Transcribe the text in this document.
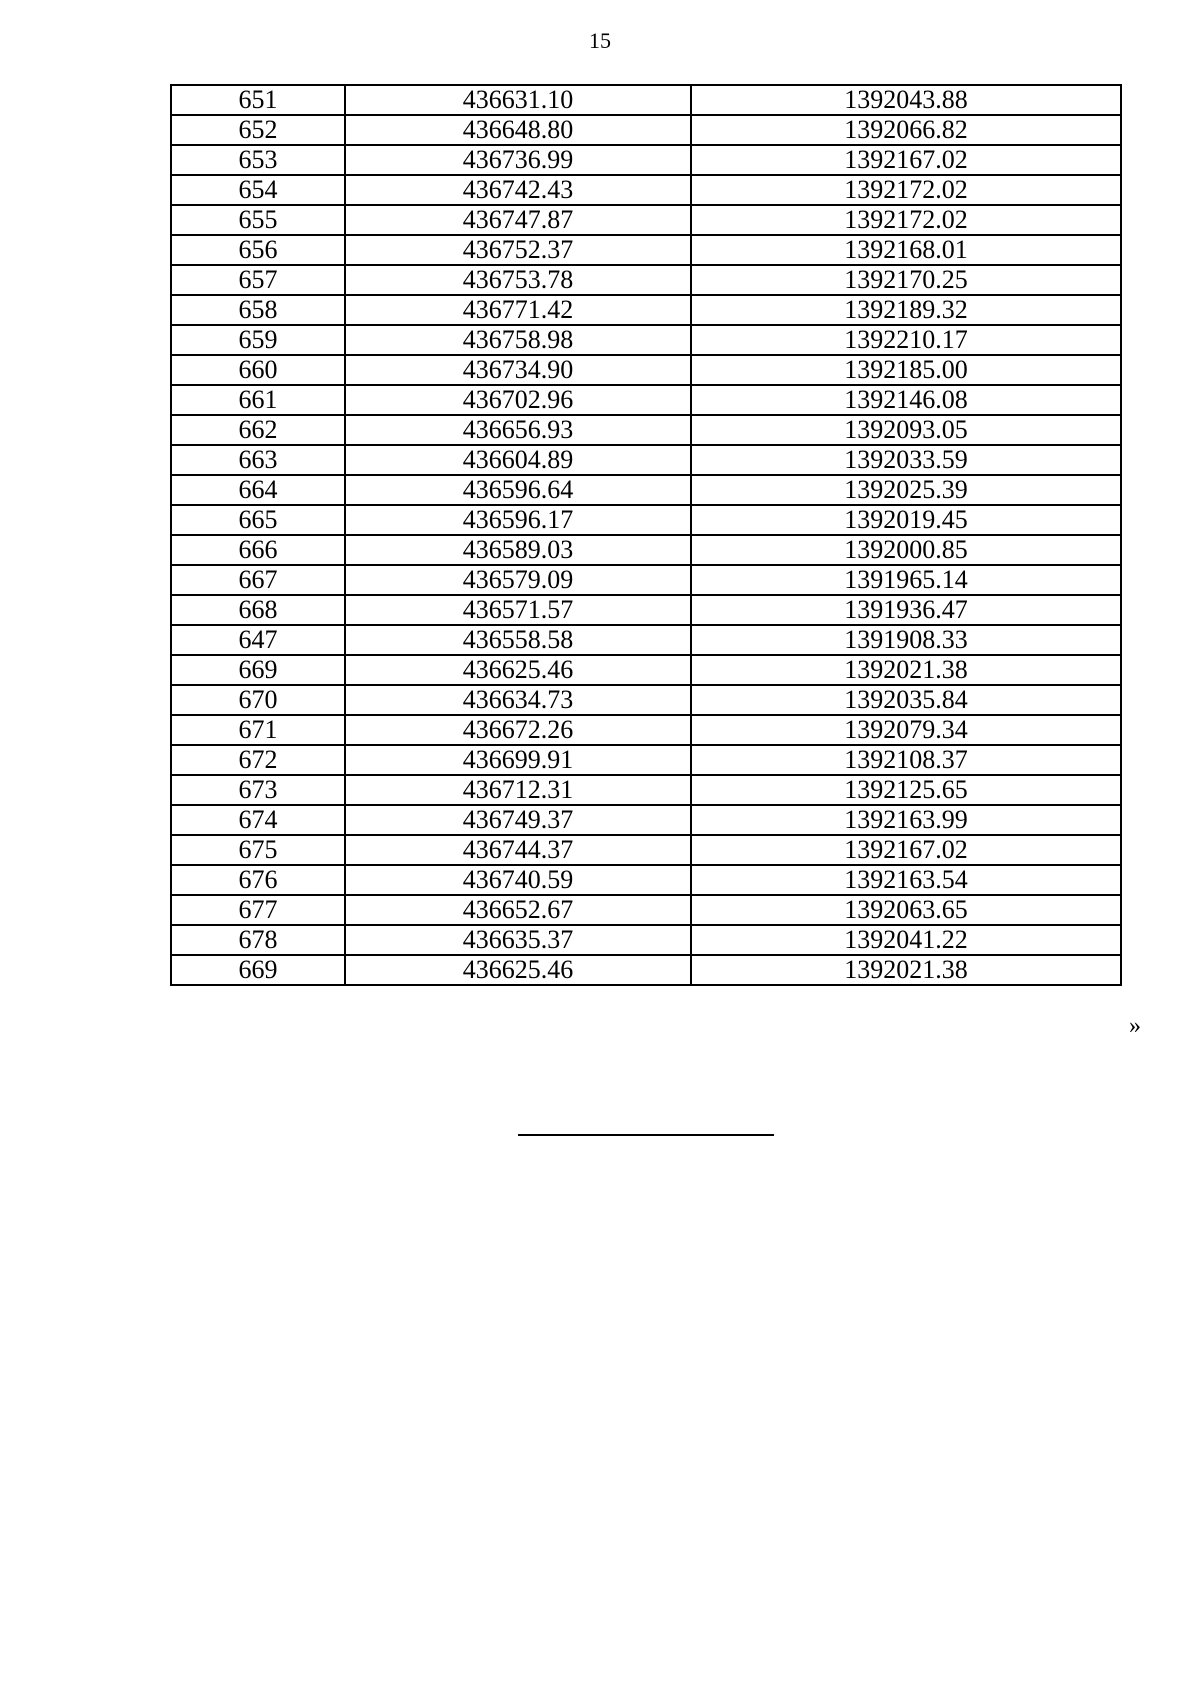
15
651	436631.10	1392043.88
652	436648.80	1392066.82
653	436736.99	1392167.02
654	436742.43	1392172.02
655	436747.87	1392172.02
656	436752.37	1392168.01
657	436753.78	1392170.25
658	436771.42	1392189.32
659	436758.98	1392210.17
660	436734.90	1392185.00
661	436702.96	1392146.08
662	436656.93	1392093.05
663	436604.89	1392033.59
664	436596.64	1392025.39
665	436596.17	1392019.45
666	436589.03	1392000.85
667	436579.09	1391965.14
668	436571.57	1391936.47
647	436558.58	1391908.33
669	436625.46	1392021.38
670	436634.73	1392035.84
671	436672.26	1392079.34
672	436699.91	1392108.37
673	436712.31	1392125.65
674	436749.37	1392163.99
675	436744.37	1392167.02
676	436740.59	1392163.54
677	436652.67	1392063.65
678	436635.37	1392041.22
669	436625.46	1392021.38
»
